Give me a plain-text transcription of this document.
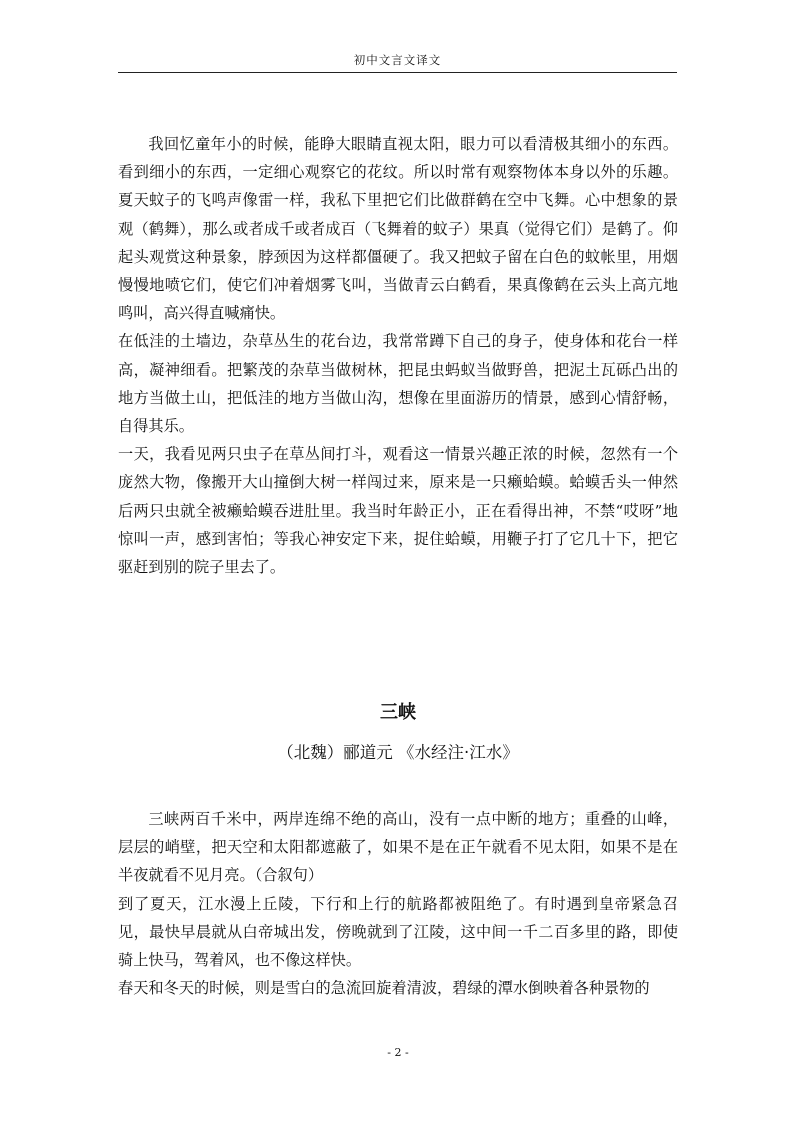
初中文言文译文

我回忆童年小的时候，能睁大眼睛直视太阳，眼力可以看清极其细小的东西。看到细小的东西，一定细心观察它的花纹。所以时常有观察物体本身以外的乐趣。夏天蚊子的飞鸣声像雷一样，我私下里把它们比做群鹤在空中飞舞。心中想象的景观（鹤舞），那么或者成千或者成百（飞舞着的蚊子）果真（觉得它们）是鹤了。仰起头观赏这种景象，脖颈因为这样都僵硬了。我又把蚊子留在白色的蚊帐里，用烟慢慢地喷它们，使它们冲着烟雾飞叫，当做青云白鹤看，果真像鹤在云头上高亢地鸣叫，高兴得直喊痛快。

在低洼的土墙边，杂草丛生的花台边，我常常蹲下自己的身子，使身体和花台一样高，凝神细看。把繁茂的杂草当做树林，把昆虫蚂蚁当做野兽，把泥土瓦砾凸出的地方当做土山，把低洼的地方当做山沟，想像在里面游历的情景，感到心情舒畅，自得其乐。

一天，我看见两只虫子在草丛间打斗，观看这一情景兴趣正浓的时候，忽然有一个庞然大物，像搬开大山撞倒大树一样闯过来，原来是一只癞蛤蟆。蛤蟆舌头一伸然后两只虫就全被癞蛤蟆吞进肚里。我当时年龄正小，正在看得出神，不禁“哎呀”地惊叫一声，感到害怕；等我心神安定下来，捉住蛤蟆，用鞭子打了它几十下，把它驱赶到别的院子里去了。

三峡
（北魏）郦道元 《水经注·江水》

三峡两百千米中，两岸连绵不绝的高山，没有一点中断的地方；重叠的山峰，层层的峭壁，把天空和太阳都遮蔽了，如果不是在正午就看不见太阳，如果不是在半夜就看不见月亮。（合叙句）

到了夏天，江水漫上丘陵，下行和上行的航路都被阻绝了。有时遇到皇帝紧急召见，最快早晨就从白帝城出发，傍晚就到了江陵，这中间一千二百多里的路，即使骑上快马，驾着风，也不像这样快。

春天和冬天的时候，则是雪白的急流回旋着清波，碧绿的潭水倒映着各种景物的

- 2 -
